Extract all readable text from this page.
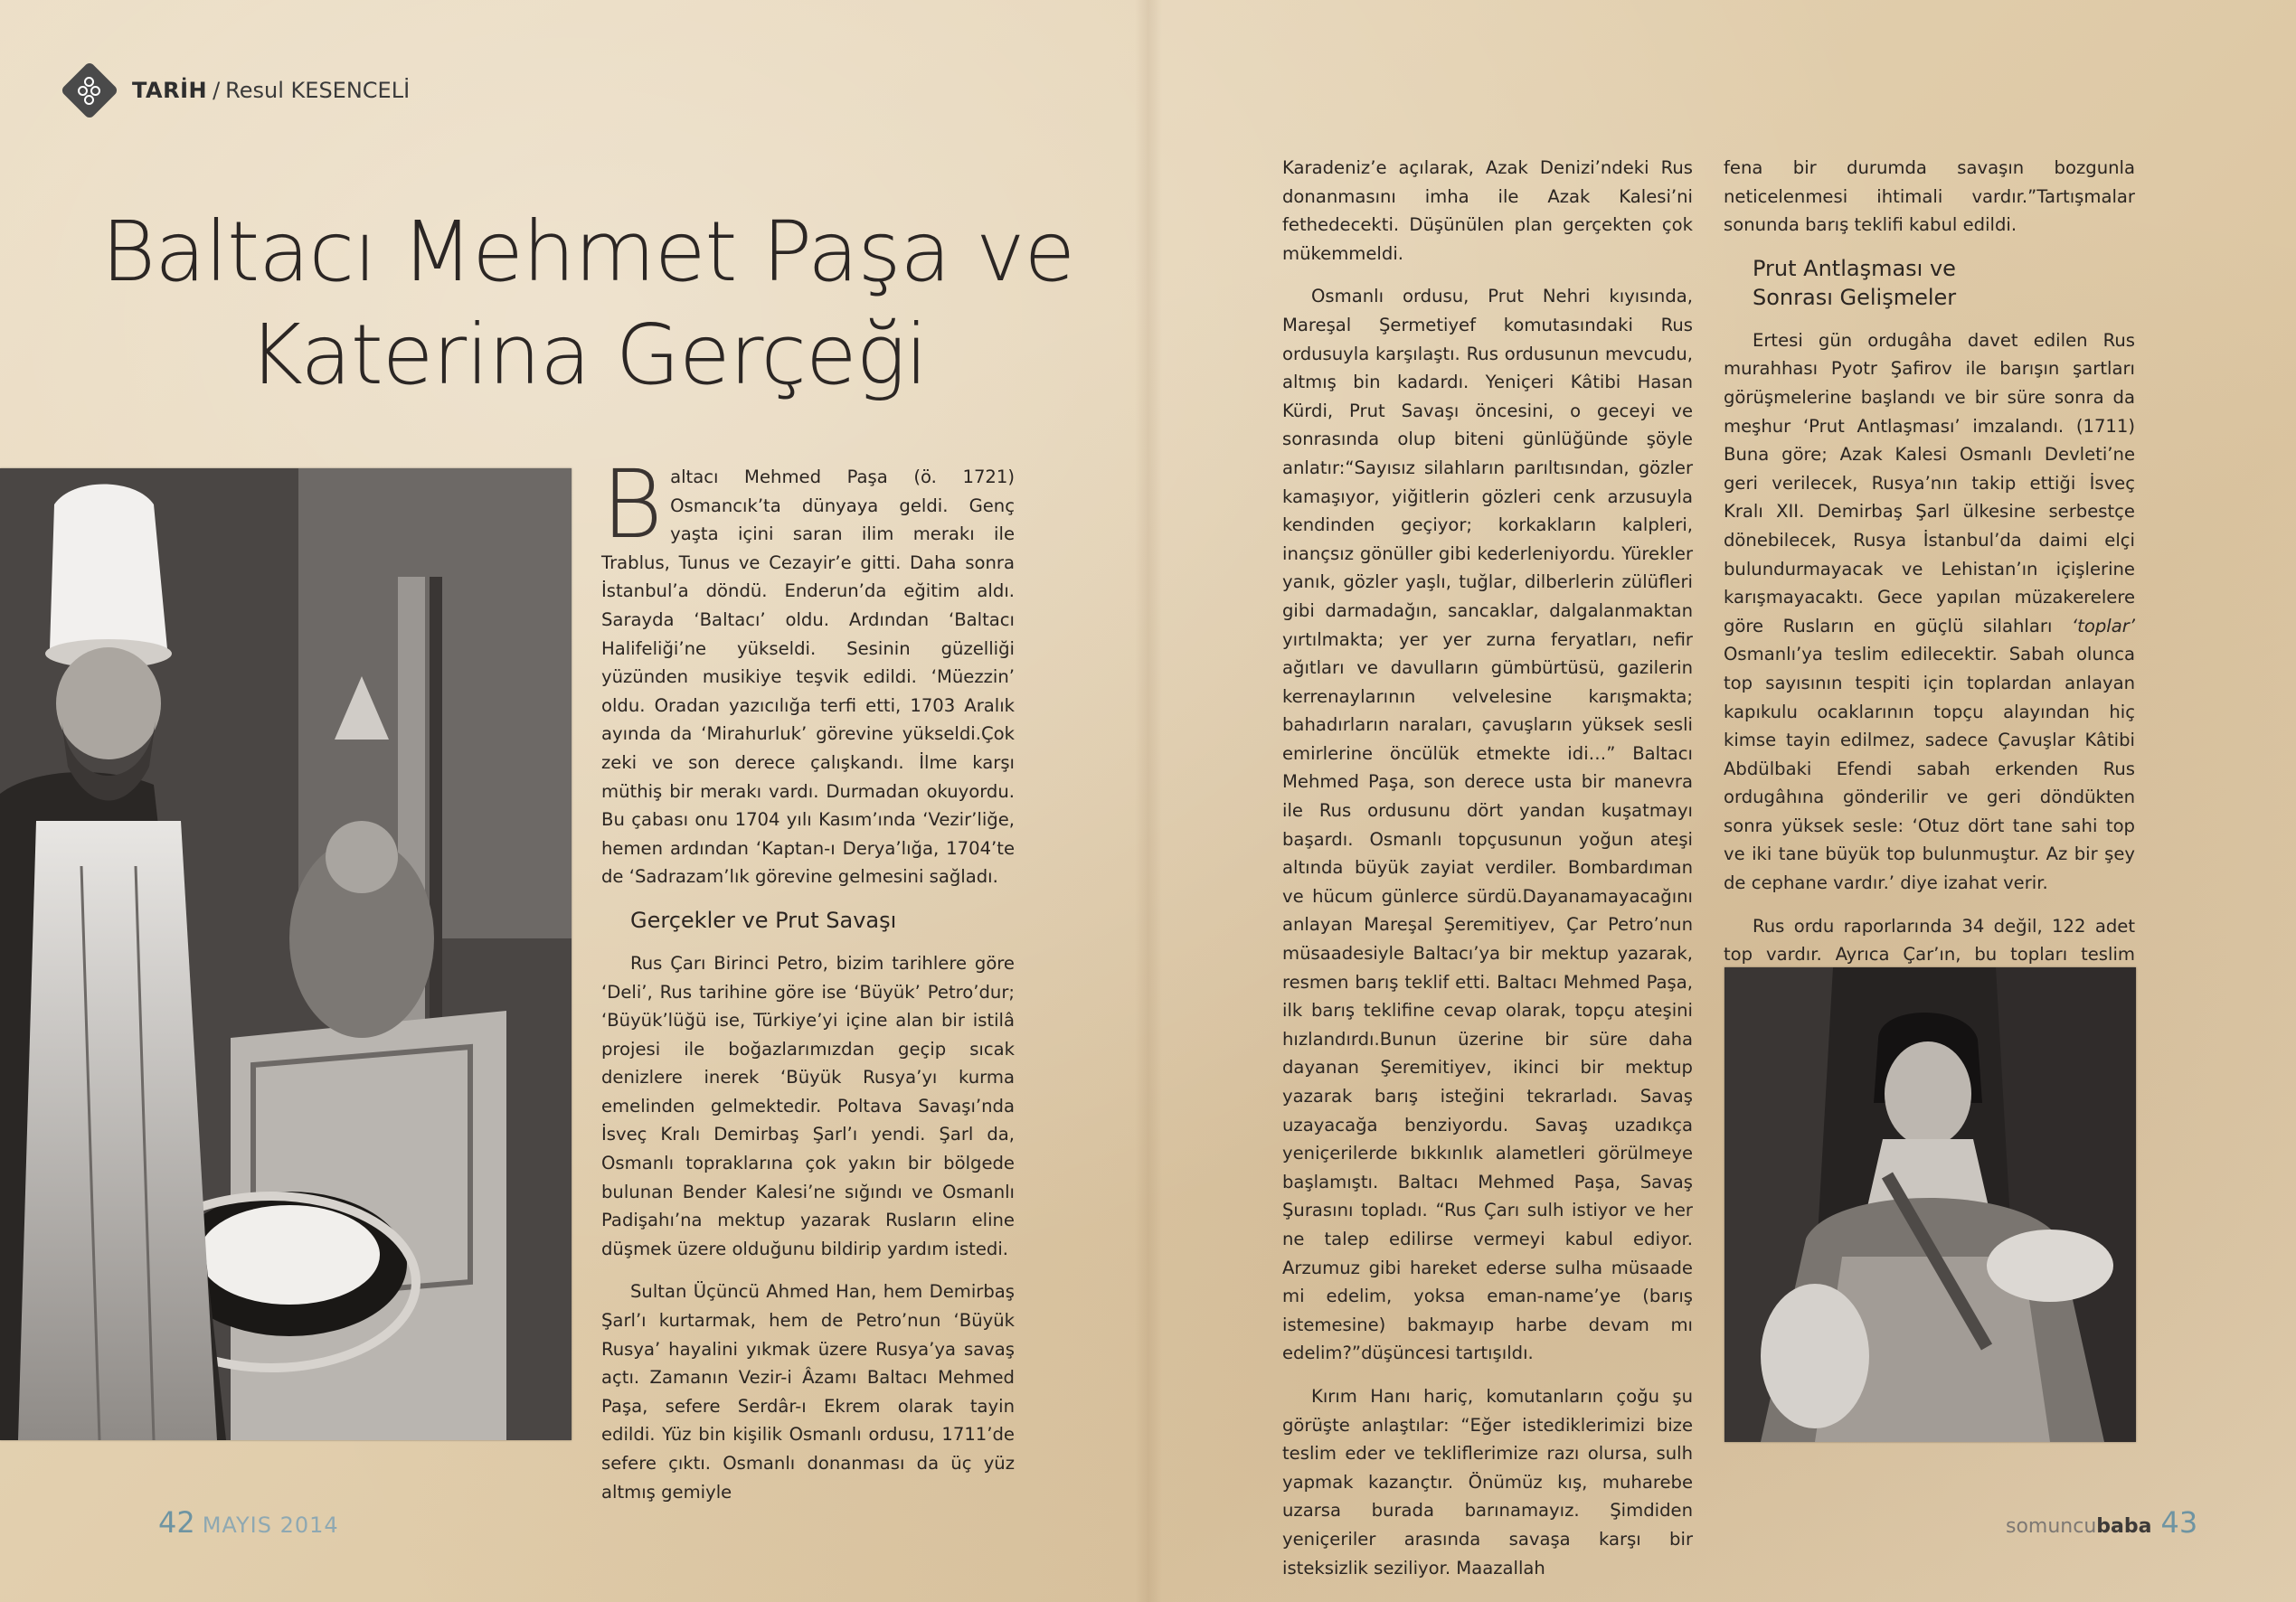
TARİH / Resul KESENCELİ
Baltacı Mehmet Paşa ve
Katerina Gerçeği

Baltacı Mehmed Paşa (ö. 1721) Osmancık’ta dünyaya geldi. Genç yaşta içini saran ilim merakı ile Trablus, Tunus ve Cezayir’e gitti. Daha sonra İstanbul’a döndü. Enderun’da eğitim aldı. Sarayda ‘Baltacı’ oldu. Ardından ‘Baltacı Halifeliği’ne yükseldi. Sesinin güzelliği yüzünden musikiye teşvik edildi. ‘Müezzin’ oldu. Oradan yazıcılığa terfi etti, 1703 Aralık ayında da ‘Mirahurluk’ görevine yükseldi.Çok zeki ve son derece çalışkandı. İlme karşı müthiş bir merakı vardı. Durmadan okuyordu. Bu çabası onu 1704 yılı Kasım’ında ‘Vezir’liğe, hemen ardından ‘Kaptan-ı Derya’lığa, 1704’te de ‘Sadrazam’lık görevine gelmesini sağladı.

Gerçekler ve Prut Savaşı

Rus Çarı Birinci Petro, bizim tarihlere göre ‘Deli’, Rus tarihine göre ise ‘Büyük’ Petro’dur; ‘Büyük’lüğü ise, Türkiye’yi içine alan bir istilâ projesi ile boğazlarımızdan geçip sıcak denizlere inerek ‘Büyük Rusya’yı kurma emelinden gelmektedir. Poltava Savaşı’nda İsveç Kralı Demirbaş Şarl’ı yendi. Şarl da, Osmanlı topraklarına çok yakın bir bölgede bulunan Bender Kalesi’ne sığındı ve Osmanlı Padişahı’na mektup yazarak Rusların eline düşmek üzere olduğunu bildirip yardım istedi.

Sultan Üçüncü Ahmed Han, hem Demirbaş Şarl’ı kurtarmak, hem de Petro’nun ‘Büyük Rusya’ hayalini yıkmak üzere Rusya’ya savaş açtı. Zamanın Vezir-i Âzamı Baltacı Mehmed Paşa, sefere Serdâr-ı Ekrem olarak tayin edildi. Yüz bin kişilik Osmanlı ordusu, 1711’de sefere çıktı. Osmanlı donanması da üç yüz altmış gemiyle

42 MAYIS 2014

Karadeniz’e açılarak, Azak Denizi’ndeki Rus donanmasını imha ile Azak Kalesi’ni fethedecekti. Düşünülen plan gerçekten çok mükemmeldi.

Osmanlı ordusu, Prut Nehri kıyısında, Mareşal Şermetiyef komutasındaki Rus ordusuyla karşılaştı. Rus ordusunun mevcudu, altmış bin kadardı. Yeniçeri Kâtibi Hasan Kürdi, Prut Savaşı öncesini, o geceyi ve sonrasında olup biteni günlüğünde şöyle anlatır:“Sayısız silahların parıltısından, gözler kamaşıyor, yiğitlerin gözleri cenk arzusuyla kendinden geçiyor; korkakların kalpleri, inançsız gönüller gibi kederleniyordu. Yürekler yanık, gözler yaşlı, tuğlar, dilberlerin zülüfleri gibi darmadağın, sancaklar, dalgalanmaktan yırtılmakta; yer yer zurna feryatları, nefir ağıtları ve davulların gümbürtüsü, gazilerin kerrenaylarının velvelesine karışmakta; bahadırların naraları, çavuşların yüksek sesli emirlerine öncülük etmekte idi…” Baltacı Mehmed Paşa, son derece usta bir manevra ile Rus ordusunu dört yandan kuşatmayı başardı. Osmanlı topçusunun yoğun ateşi altında büyük zayiat verdiler. Bombardıman ve hücum günlerce sürdü.Dayanamayacağını anlayan Mareşal Şeremitiyev, Çar Petro’nun müsaadesiyle Baltacı’ya bir mektup yazarak, resmen barış teklif etti. Baltacı Mehmed Paşa, ilk barış teklifine cevap olarak, topçu ateşini hızlandırdı.Bunun üzerine bir süre daha dayanan Şeremitiyev, ikinci bir mektup yazarak barış isteğini tekrarladı. Savaş uzayacağa benziyordu. Savaş uzadıkça yeniçerilerde bıkkınlık alametleri görülmeye başlamıştı. Baltacı Mehmed Paşa, Savaş Şurasını topladı. “Rus Çarı sulh istiyor ve her ne talep edilirse vermeyi kabul ediyor. Arzumuz gibi hareket ederse sulha müsaade mi edelim, yoksa eman-name’ye (barış istemesine) bakmayıp harbe devam mı edelim?”düşüncesi tartışıldı.

Kırım Hanı hariç, komutanların çoğu şu görüşte anlaştılar: “Eğer istediklerimizi bize teslim eder ve tekliflerimize razı olursa, sulh yapmak kazançtır. Önümüz kış, muharebe uzarsa burada barınamayız. Şimdiden yeniçeriler arasında savaşa karşı bir isteksizlik seziliyor. Maazallah

fena bir durumda savaşın bozgunla neticelenmesi ihtimali vardır.”Tartışmalar sonunda barış teklifi kabul edildi.

Prut Antlaşması ve
Sonrası Gelişmeler

Ertesi gün ordugâha davet edilen Rus murahhası Pyotr Şafirov ile barışın şartları görüşmelerine başlandı ve bir süre sonra da meşhur ‘Prut Antlaşması’ imzalandı. (1711) Buna göre; Azak Kalesi Osmanlı Devleti’ne geri verilecek, Rusya’nın takip ettiği İsveç Kralı XII. Demirbaş Şarl ülkesine serbestçe dönebilecek, Rusya İstanbul’da daimi elçi bulundurmayacak ve Lehistan’ın içişlerine karışmayacaktı. Gece yapılan müzakerelere göre Rusların en güçlü silahları ‘toplar’ Osmanlı’ya teslim edilecektir. Sabah olunca top sayısının tespiti için toplardan anlayan kapıkulu ocaklarının topçu alayından hiç kimse tayin edilmez, sadece Çavuşlar Kâtibi Abdülbaki Efendi sabah erkenden Rus ordugâhına gönderilir ve geri döndükten sonra yüksek sesle: ‘Otuz dört tane sahi top ve iki tane büyük top bulunmuştur. Az bir şey de cephane vardır.’ diye izahat verir.

Rus ordu raporlarında 34 değil, 122 adet top vardır. Ayrıca Çar’ın, bu topları teslim

somuncu baba 43
